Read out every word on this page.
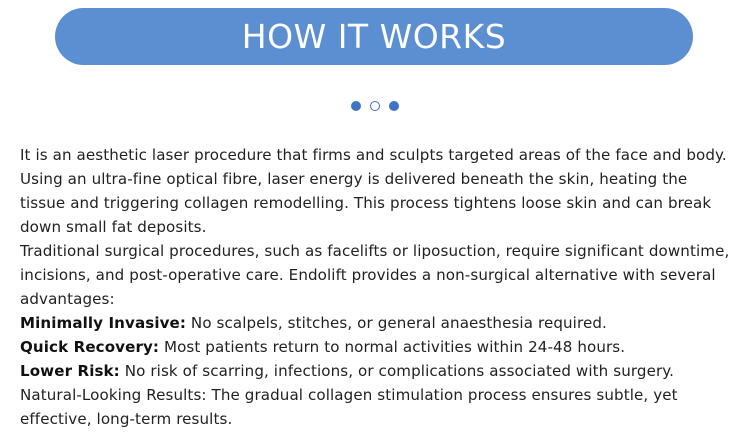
HOW IT WORKS

It is an aesthetic laser procedure that firms and sculpts targeted areas of the face and body. Using an ultra-fine optical fibre, laser energy is delivered beneath the skin, heating the tissue and triggering collagen remodelling. This process tightens loose skin and can break down small fat deposits.

Traditional surgical procedures, such as facelifts or liposuction, require significant downtime, incisions, and post-operative care. Endolift provides a non-surgical alternative with several advantages:

Minimally Invasive: No scalpels, stitches, or general anaesthesia required.

Quick Recovery: Most patients return to normal activities within 24-48 hours.

Lower Risk: No risk of scarring, infections, or complications associated with surgery.

Natural-Looking Results: The gradual collagen stimulation process ensures subtle, yet effective, long-term results.
